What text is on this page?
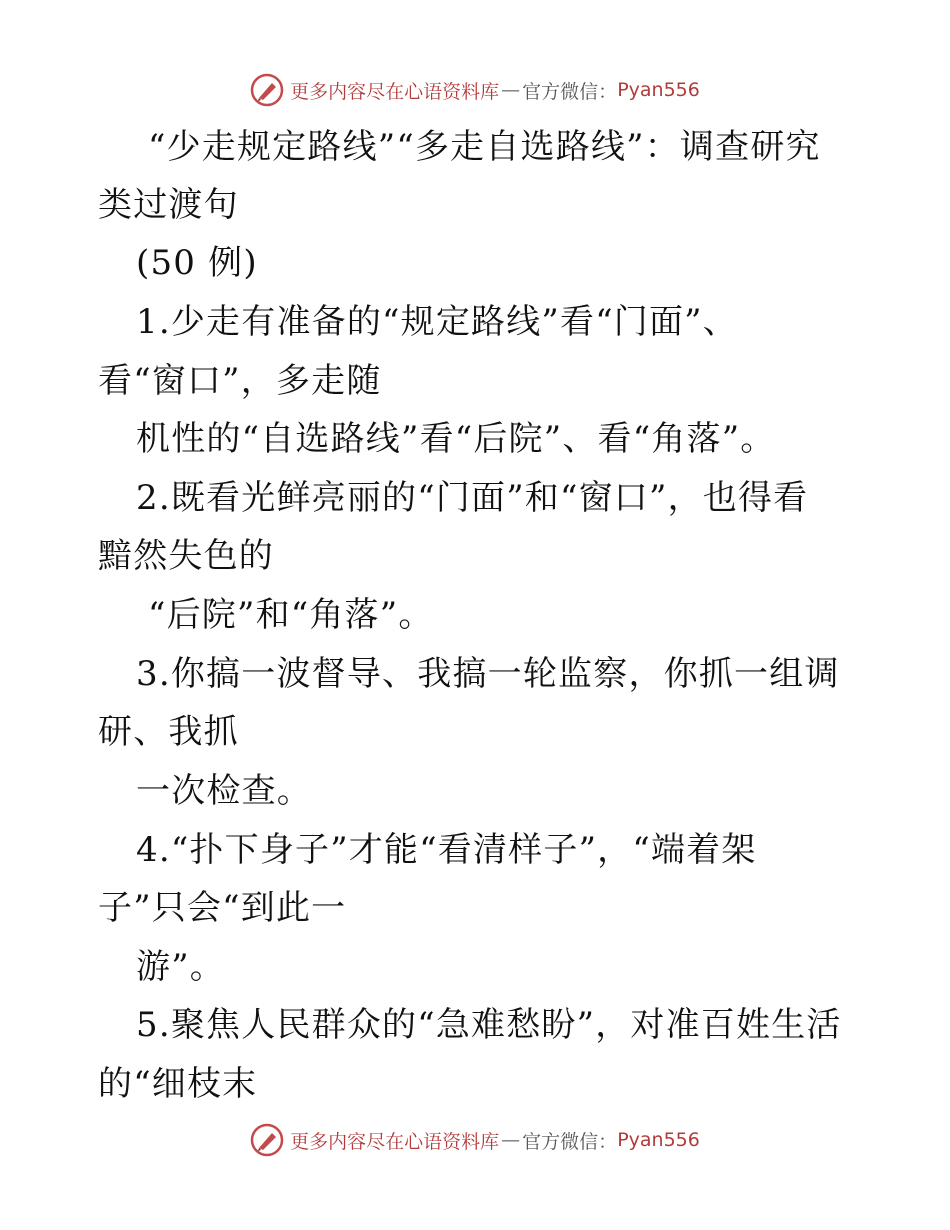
更多内容尽在心语资料库 — 官方微信： Pyan556
“少走规定路线”“多走自选路线”：调查研究
类过渡句
(50 例)
1.少走有准备的“规定路线”看“门面”、
看“窗口”，多走随
机性的“自选路线”看“后院”、看“角落”。
2.既看光鲜亮丽的“门面”和“窗口”，也得看
黯然失色的
“后院”和“角落”。
3.你搞一波督导、我搞一轮监察，你抓一组调
研、我抓
一次检查。
4.“扑下身子”才能“看清样子”，“端着架
子”只会“到此一
游”。
5.聚焦人民群众的“急难愁盼”，对准百姓生活
的“细枝末
更多内容尽在心语资料库 — 官方微信： Pyan556
